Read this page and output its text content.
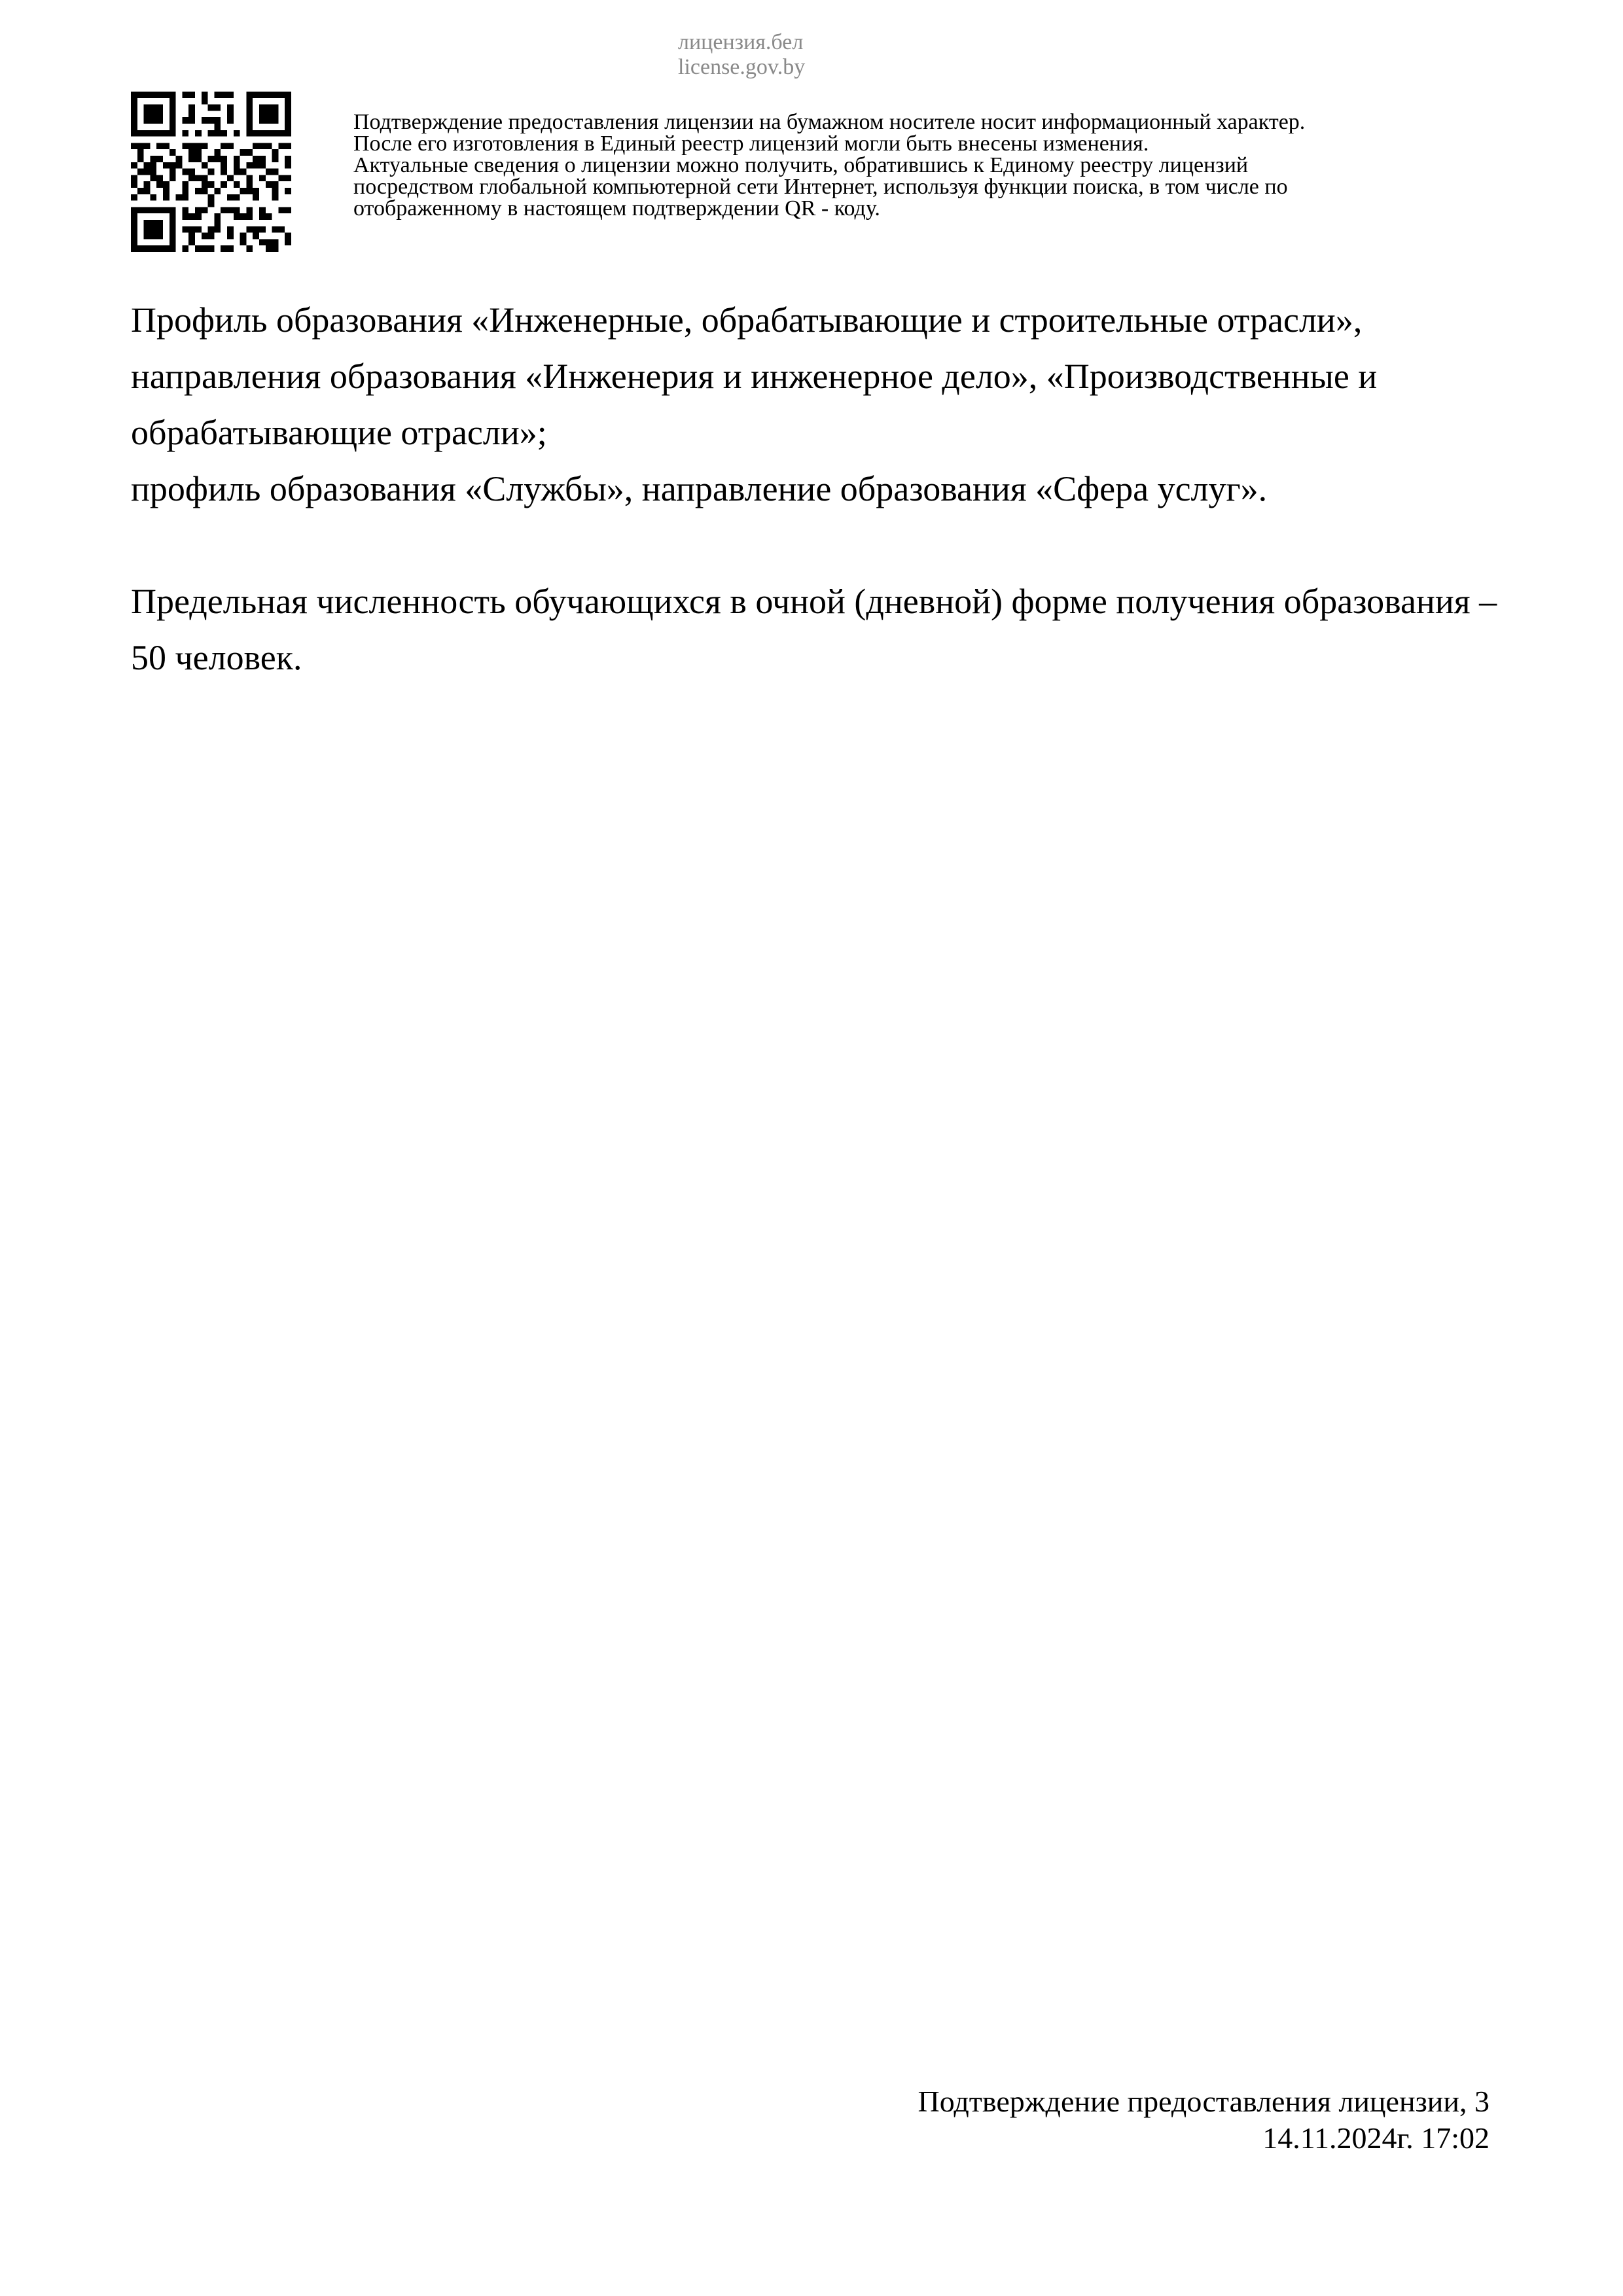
лицензия.бел
license.gov.by
Подтверждение предоставления лицензии на бумажном носителе носит информационный характер.
После его изготовления в Единый реестр лицензий могли быть внесены изменения.
Актуальные сведения о лицензии можно получить, обратившись к Единому реестру лицензий
посредством глобальной компьютерной сети Интернет, используя функции поиска, в том числе по
отображенному в настоящем подтверждении QR - коду.

Профиль образования «Инженерные, обрабатывающие и строительные отрасли», направления образования «Инженерия и инженерное дело», «Производственные и обрабатывающие отрасли»;

профиль образования «Службы», направление образования «Сфера услуг».

Предельная численность обучающихся в очной (дневной) форме получения образования – 50 человек.

Подтверждение предоставления лицензии, 3
14.11.2024г. 17:02
